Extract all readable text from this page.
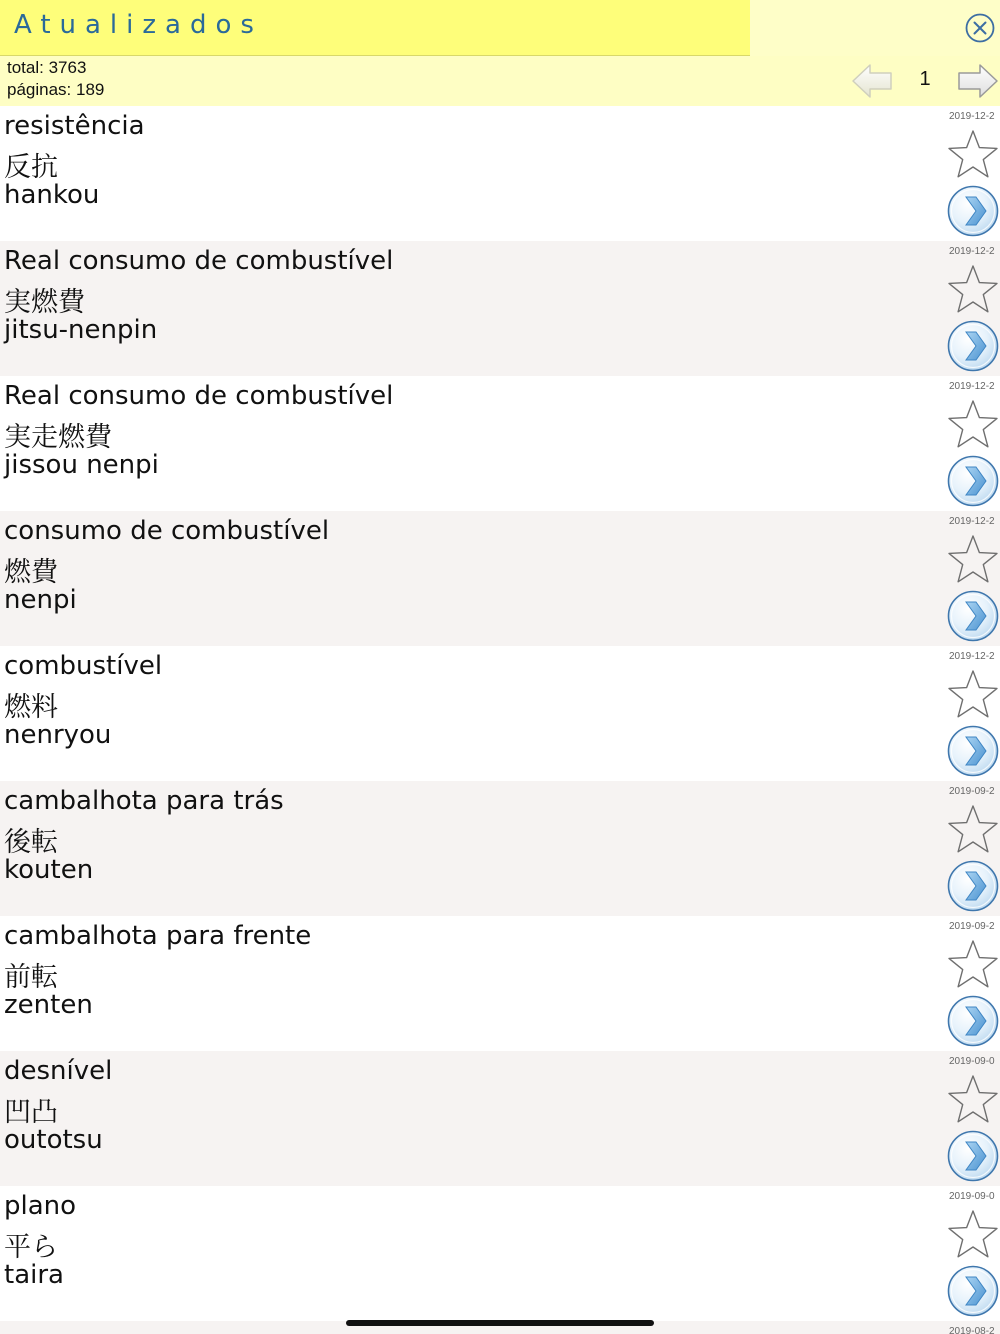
Atualizados
total: 3763
páginas: 189	1
resistência
反抗
hankou
2019-12-2
Real consumo de combustível
実燃費
jitsu-nenpin
2019-12-2
Real consumo de combustível
実走燃費
jissou nenpi
2019-12-2
consumo de combustível
燃費
nenpi
2019-12-2
combustível
燃料
nenryou
2019-12-2
cambalhota para trás
後転
kouten
2019-09-2
cambalhota para frente
前転
zenten
2019-09-2
desnível
凹凸
outotsu
2019-09-0
plano
平ら
taira
2019-09-0
2019-08-2
